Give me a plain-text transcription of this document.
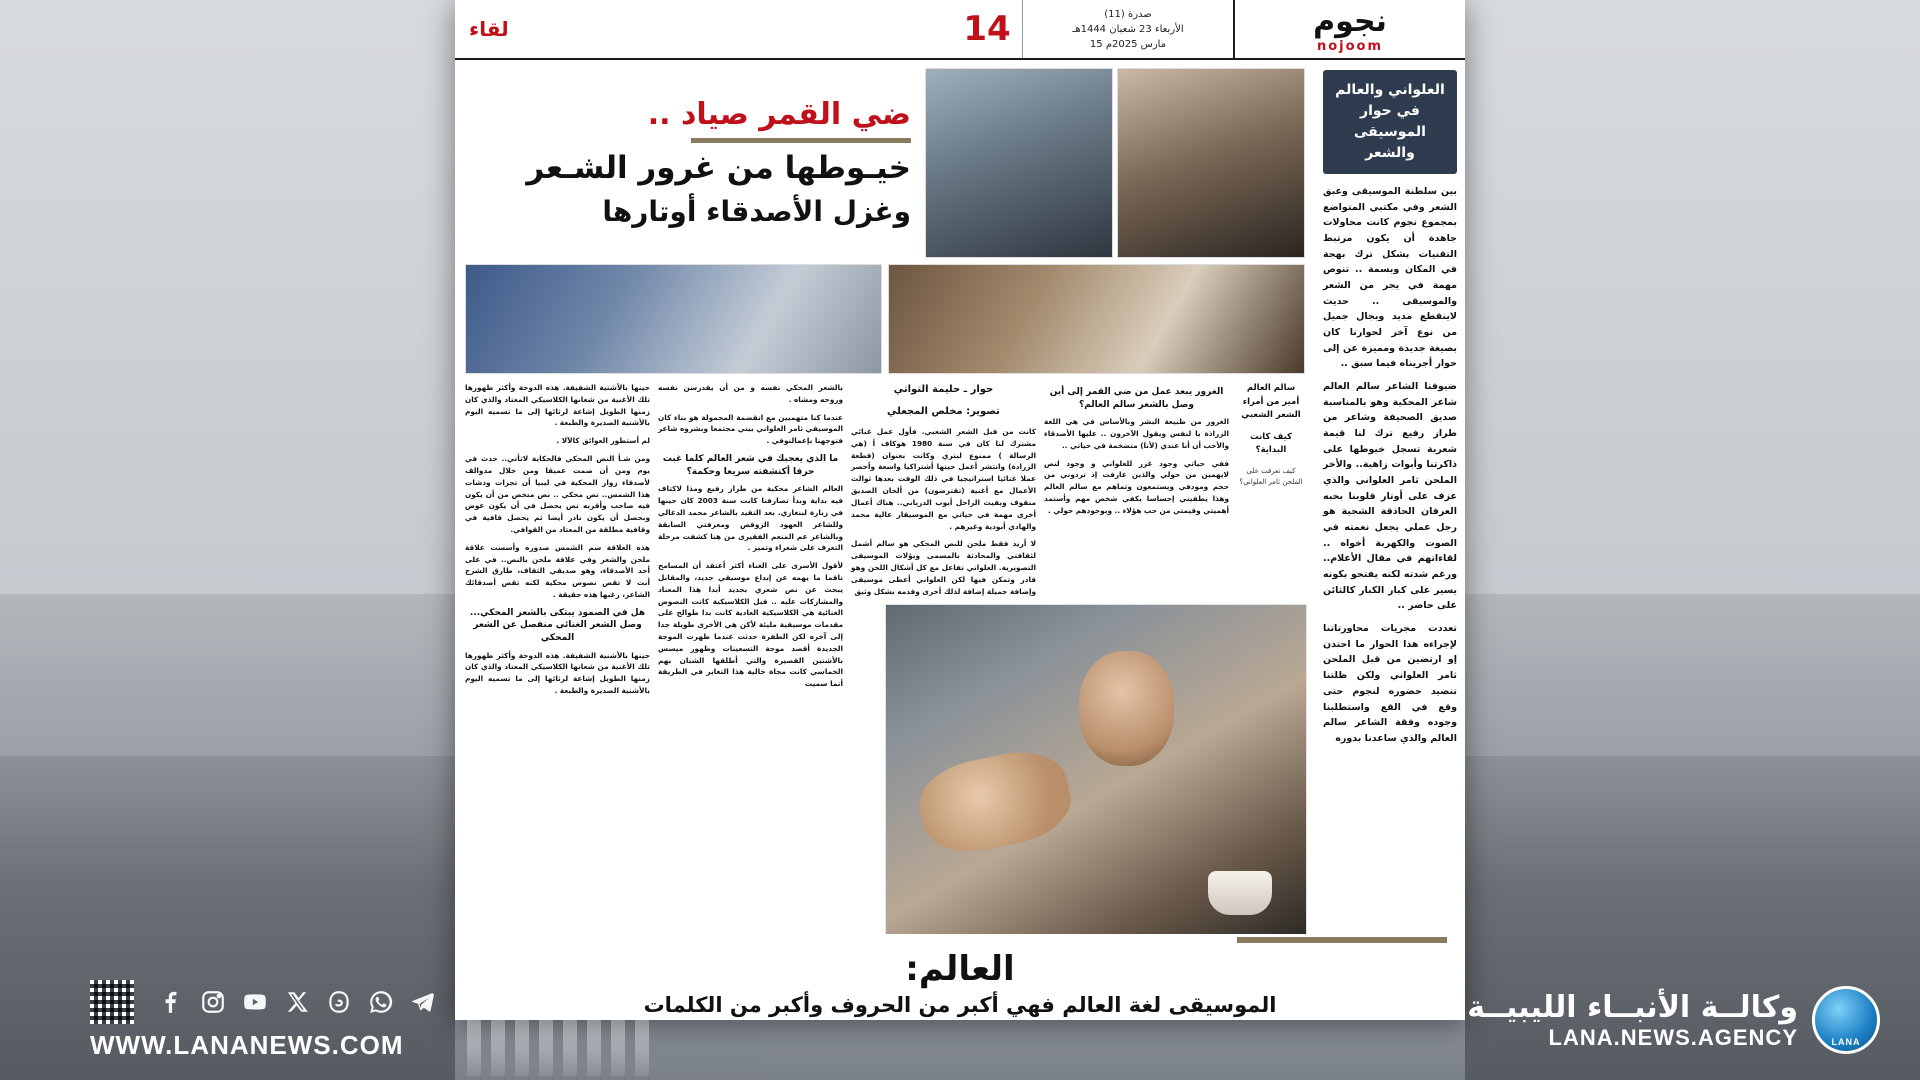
نجوم
nojoom
صدرة (11)
الأربعاء 23 شعبان 1444هـ
15 مارس 2025م
14
لقاء
العلواني والعالم في حوار الموسيقى والشعر

بين سلطنة الموسيقى وعبق الشعر وفي مكتبي المتواضع بمجموع نجوم كانت محاولات جاهدة أن يكون مرتبط التقنيات بشكل ترك بهجة في المكان وبسمة .. تنوص مهمة في يجر من الشعر والموسيقى .. حديث لاينقطع مديد وبجال جميل من نوع آخر لحوارنا كان بصيغة جديدة ومميزة عن إلى حوار أجريناه فيما سبق ..

ضيوفنا الشاعر سالم العالم شاعر المحكية وهو بالمناسبة صديق الصحيفة وشاعر من طراز رفيع ترك لنا قيمة شعرية تسجل خيوطها على ذاكرتنا وأبوات زاهية.. والأخر الملحن ثامر العلواني والذي عزف على أوتار قلوبنا بحبه العرفان الحاذقة الشجية هو رجل عملي يجعل نغمته في الصوت والكهربة أخواه .. لقاءاتهم في مقال الأعلام.. ورغم شدته لكنه يفتحو بكونه يسير على كبار الكبار كالثائن على حاضر ..

تعددت مجريات محاورتاتنا لإجراءه هذا الحوار ما احتدن إو ارتضين من قبل الملحن ثامر العلواني ولكن ظلتنا تنضيد حضوره لنجوم حتى وقع في القع واستطلبنا وجوده وفقة الشاعر سالم العالم والذي ساعدنا بدوره

ضي القمر صياد ..
خيـوطها من غرور الشـعر
وغزل الأصدقاء أوتارها

حينها بالأشنية الشفيفة. هذه الدوحة وأكثر ظهورها تلك الأغنية من شعانها الكلاسيكي المعتاد والذي كان زمنها الطويل إشاعة لرثائها إلى ما تسميه اليوم بالأشنية الصديرة والطبعة .

لم أستطور العوائق كالآلا .

ومن شـأ النص المحكي فالحكاية لاتأتي.. حدث في يوم ومن أن صمت عميقا ومن خلال مدوالف لأصدقاء زوار المحكية في ليبيا أن تجزات ودشات هذا الشمس.. نص محكي .. نص متخص من أن يكون فيه صاحب وأقربه نص يحصل في أن يكون عوض وبحصل أن يكون نادر أيضا ثم يحصل قافية في وقافية مطلقة من المعتاد من القوافي.

هذه العلاقة سم الشمس صدوره وأسست علاقة ملحن والشعر وفي علاقة ملحن بالنص.. في على أحد الأصدقاء، وهو صديقي الثقاف، طارق الشرح أنت لا تقص نصوص محكية لكنه تقص أصدقائك الشاعر، رغبها هذه حقيقة .

هل في الصمود يبتكى بالشعر المحكي... وصل الشعر الغنائي منفصل عن الشعر المحكي

حينها بالأشنية الشفيفة. هذه الدوحة وأكثر ظهورها تلك الأغنية من شعانها الكلاسيكي المعتاد والذي كان زمنها الطويل إشاعة لرثائها إلى ما تسميه اليوم بالأشنية الصديرة والطبعة .

بالشعر المحكي نفسه و من أن يقدرسن نفسه وروحه ومشاه .

عندما كنا متهميين مع انقضمة المحمولة هو بناء كان الموسيقي ثامر العلواني بيتي مجتمعا وبشروه شاعر فتوجهنا بإعمالنوفي .

ما الذي يعجبك في شعر العالم كلما غبت حرفا أكتشفته سريعا وحكمة؟

العالم الشاعر محكية من طراز رفيع ومذا لاكتاف فيه بداية وبدأ تصارفنا كانت سنة 2003 كان حينها في زيارة لبنغازي. بعد التقيد بالشاعر محمد الدغالي وللشاعر العهود الزوقص ومعرفتي السابقة وبالشاعر عم المنعم الفقيرى من هنا كشفت مرحلة التعرف على شعراء وتميز .

لأقول الأسرى على الغناء أكثر أعتقد أن المسامح ناقما ما يهمه عن إبداع موسيقي جديد، والمقابل يبحث عن نص شعري بجديد أبدا هذا المعناد والمشاركات عليه .. قبل الكلاسيكية كانت النصوص الغنائية هي الكلاسيكية العادية كانت بدا طوالح على مقدمات موسيقية مليئة لأكن هي الأخرى طويلة جدا إلى آخره لكن الطفرة حدثت عندما ظهرت الموجة الجديدة أقصد موجة التسعينات وظهور ميسس بالأشنين القصيرة والتي أطلقها الشبان بهم الخماسي كانت مجاة حالية هذا التغاير في الطريقة أنما سميت

حوار ـ حليمة التواتي
تصوير: مخلص المجعلي

كانت من قبل الشعر الشعبي. فأول عمل غنائي مشترك لنا كان في سنة 1980 هوكاف أ (هي الرسالة ) ممنوع لبتري وكانت بعنوان (قطعة الزرادة) وانتشر أعمل حينها أشتراكيا واسعة وأحصر عملا غنائيا استراتيجيا في ذلك الوقت بعدها ثوالث الأعمال مع أغنية (تقترضون) من ألحان الصديق منقوف وبقيث الراحل أيوب الدرياني.. هناك أعمال أخرى مهمة في حياتي مع الموسيقار عالية محمد والهادي أبودية وغيرهم .

لا أريد فقط ملحن للنص المحكي هو سالم أشمل لثقافتي والمحادثة بالمسمى ويؤلات الموسيقى التصويرية. العلواني تفاعل مع كل أشكال اللحن وهو قادر وتمكن فيها لكن العلواني أعطى موسيقى وإضافة جميلة إضافة لذلك أخرى وقدمه بشكل وثيق

الغرور يبعد عمل من ضي القمر إلى أين وصل بالشعر سالم العالم؟

الغرور من طبيعة البشر وبالأساس في هي اللغة الزراذة با لنفس ويقول الآخرون .. عليها الأصدقاء والأحب أن أنا عندي (لأنا) متضخمة في حياتي ..

ففي حياتي وجود غرر للعلواني و وجود لنص لايهمين من حولي والذين عارفت إذ تردوني من حجم ومودفي ويستمعون وتماهم مع سالم العالم وهذا يطفيني إحساسا يكفي شخص مهم وأستمد أهميتي وقيمتي من حب هؤلاء .. وبوجودهم حولي .

سالم العالم أمير من أمراء الشعر الشعبي
كيف كانت البداية؟
كيف تعرفت على الملحن ثامر العلواني؟
العالم:
الموسيقى لغة العالم فهي أكبر من الحروف وأكبر من الكلمات
WWW.LANANEWS.COM
وكالــة الأنبــاء الليبيــة
LANA.NEWS.AGENCY	LANA
